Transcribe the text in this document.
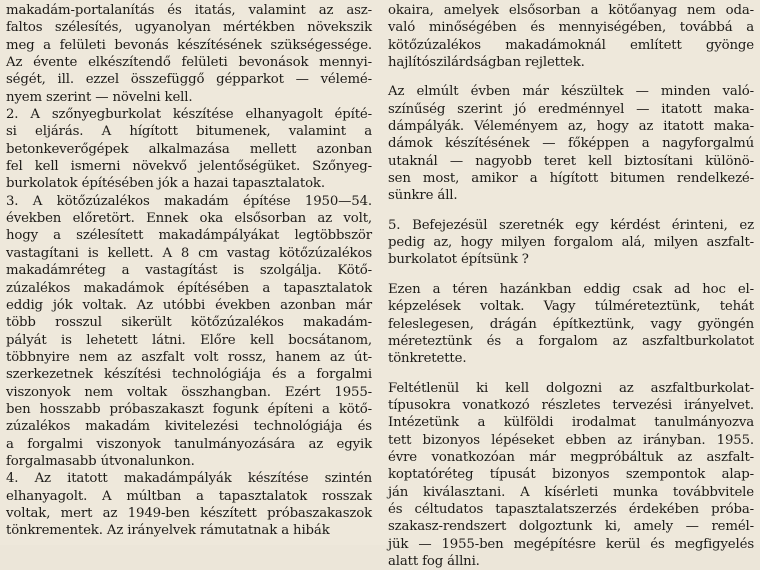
makadám-portalanítás és itatás, valamint az asz-
faltos szélesítés, ugyanolyan mértékben növekszik
meg a felületi bevonás készítésének szükségessége.
Az évente elkészítendő felületi bevonások mennyi-
ségét, ill. ezzel összefüggő gépparkot — vélemé-
nyem szerint — növelni kell.
2. A szőnyegburkolat készítése elhanyagolt építé-
si eljárás. A hígított bitumenek, valamint a
betonkeverőgépek alkalmazása mellett azonban
fel kell ismerni növekvő jelentőségüket. Szőnyeg-
burkolatok építésében jók a hazai tapasztalatok.
3. A kötőzúzalékos makadám építése 1950—54.
években előretört. Ennek oka elsősorban az volt,
hogy a szélesített makadámpályákat legtöbbször
vastagítani is kellett. A 8 cm vastag kötőzúzalékos
makadámréteg a vastagítást is szolgálja. Kötő-
zúzalékos makadámok építésében a tapasztalatok
eddig jók voltak. Az utóbbi években azonban már
több rosszul sikerült kötőzúzalékos makadám-
pályát is lehetett látni. Előre kell bocsátanom,
többnyire nem az aszfalt volt rossz, hanem az út-
szerkezetnek készítési technológiája és a forgalmi
viszonyok nem voltak összhangban. Ezért 1955-
ben hosszabb próbaszakaszt fogunk építeni a kötő-
zúzalékos makadám kivitelezési technológiája és
a forgalmi viszonyok tanulmányozására az egyik
forgalmasabb útvonalunkon.
4. Az itatott makadámpályák készítése szintén
elhanyagolt. A múltban a tapasztalatok rosszak
voltak, mert az 1949-ben készített próbaszakaszok
tönkrementek. Az irányelvek rámutatnak a hibák
okaira, amelyek elsősorban a kötőanyag nem oda-
való minőségében és mennyiségében, továbbá a
kötőzúzalékos makadámoknál említett gyönge
hajlítószilárdságban rejlettek.
Az elmúlt évben már készültek — minden való-
színűség szerint jó eredménnyel — itatott maka-
dámpályák. Véleményem az, hogy az itatott maka-
dámok készítésének — főképpen a nagyforgalmú
utaknál — nagyobb teret kell biztosítani különö-
sen most, amikor a hígított bitumen rendelkezé-
sünkre áll.
5. Befejezésül szeretnék egy kérdést érinteni, ez
pedig az, hogy milyen forgalom alá, milyen aszfalt-
burkolatot építsünk ?
Ezen a téren hazánkban eddig csak ad hoc el-
képzelések voltak. Vagy túlméreteztünk, tehát
feleslegesen, drágán építkeztünk, vagy gyöngén
méreteztünk és a forgalom az aszfaltburkolatot
tönkretette.
Feltétlenül ki kell dolgozni az aszfaltburkolat-
típusokra vonatkozó részletes tervezési irányelvet.
Intézetünk a külföldi irodalmat tanulmányozva
tett bizonyos lépéseket ebben az irányban. 1955.
évre vonatkozóan már megpróbáltuk az aszfalt-
koptatóréteg típusát bizonyos szempontok alap-
ján kiválasztani. A kísérleti munka továbbvitele
és céltudatos tapasztalatszerzés érdekében próba-
szakasz-rendszert dolgoztunk ki, amely — remél-
jük — 1955-ben megépítésre kerül és megfigyelés
alatt fog állni.
